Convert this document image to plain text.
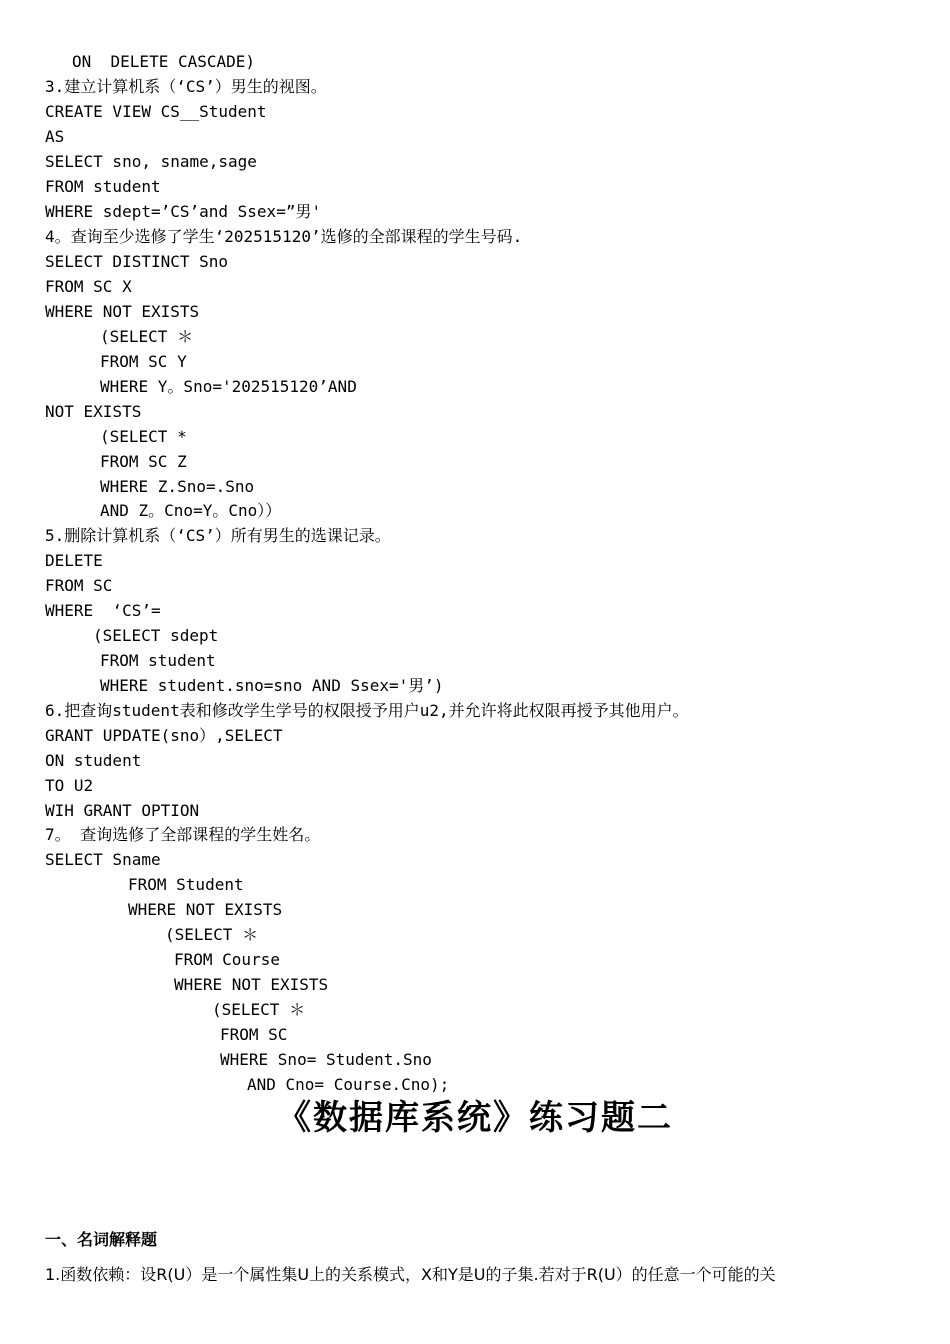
ON  DELETE CASCADE)
3.建立计算机系（‘CS’）男生的视图。
CREATE VIEW CS__Student
AS
SELECT sno, sname,sage
FROM student
WHERE sdept=’CS’and Ssex=”男'
4。查询至少选修了学生‘202515120’选修的全部课程的学生号码.
SELECT DISTINCT Sno
FROM SC X
WHERE NOT EXISTS
(SELECT ＊
FROM SC Y
WHERE Y。Sno='202515120’AND
NOT EXISTS
(SELECT *
FROM SC Z
WHERE Z.Sno=.Sno
AND Z。Cno=Y。Cno））
5.删除计算机系（‘CS’）所有男生的选课记录。
DELETE
FROM SC
WHERE  ‘CS’=
(SELECT sdept
FROM student
WHERE student.sno=sno AND Ssex='男’)
6.把查询student表和修改学生学号的权限授予用户u2,并允许将此权限再授予其他用户。
GRANT UPDATE(sno）,SELECT
ON student
TO U2
WIH GRANT OPTION
7。 查询选修了全部课程的学生姓名。
SELECT Sname
FROM Student
WHERE NOT EXISTS
(SELECT ＊
FROM Course
WHERE NOT EXISTS
(SELECT ＊
FROM SC
WHERE Sno= Student.Sno
AND Cno= Course.Cno);
《数据库系统》练习题二
一、名词解释题
1.函数依赖：设R(U）是一个属性集U上的关系模式，X和Y是U的子集.若对于R(U）的任意一个可能的关
